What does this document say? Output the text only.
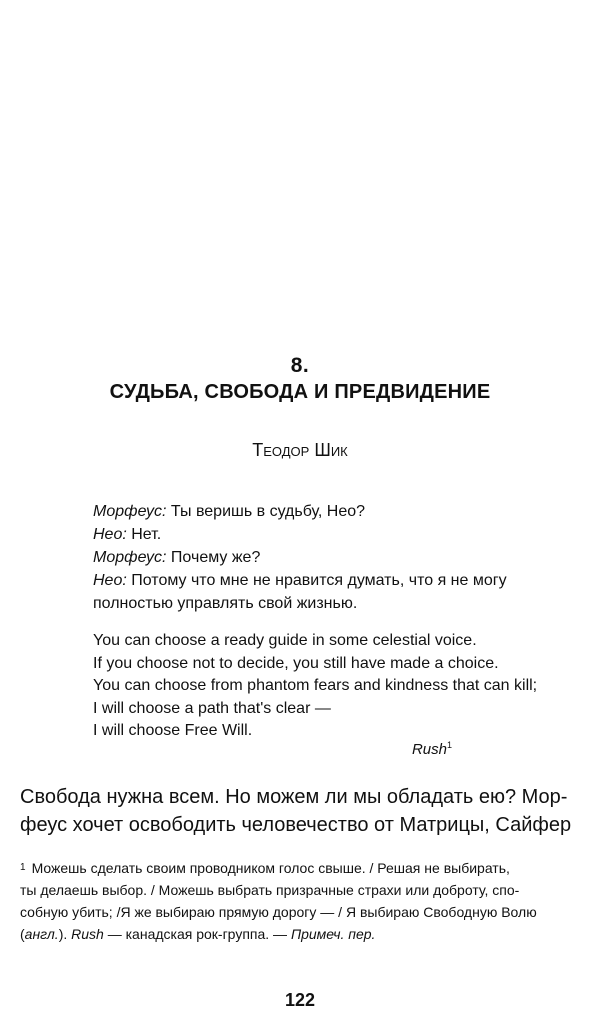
8.
СУДЬБА, СВОБОДА И ПРЕДВИДЕНИЕ
Теодор Шик
Морфеус: Ты веришь в судьбу, Нео?
Нео: Нет.
Морфеус: Почему же?
Нео: Потому что мне не нравится думать, что я не могу
полностью управлять свой жизнью.
You can choose a ready guide in some celestial voice.
If you choose not to decide, you still have made a choice.
You can choose from phantom fears and kindness that can kill;
I will choose a path that's clear —
I will choose Free Will.
Rush$^1$
Свобода нужна всем. Но можем ли мы обладать ею? Мор-
феус хочет освободить человечество от Матрицы, Сайфер
$^1$ Можешь сделать своим проводником голос свыше. / Решая не выбирать,
ты делаешь выбор. / Можешь выбрать призрачные страхи или доброту, спо-
собную убить; /Я же выбираю прямую дорогу — / Я выбираю Свободную Волю
(англ.). Rush — канадская рок-группа. — Примеч. пер.
122
